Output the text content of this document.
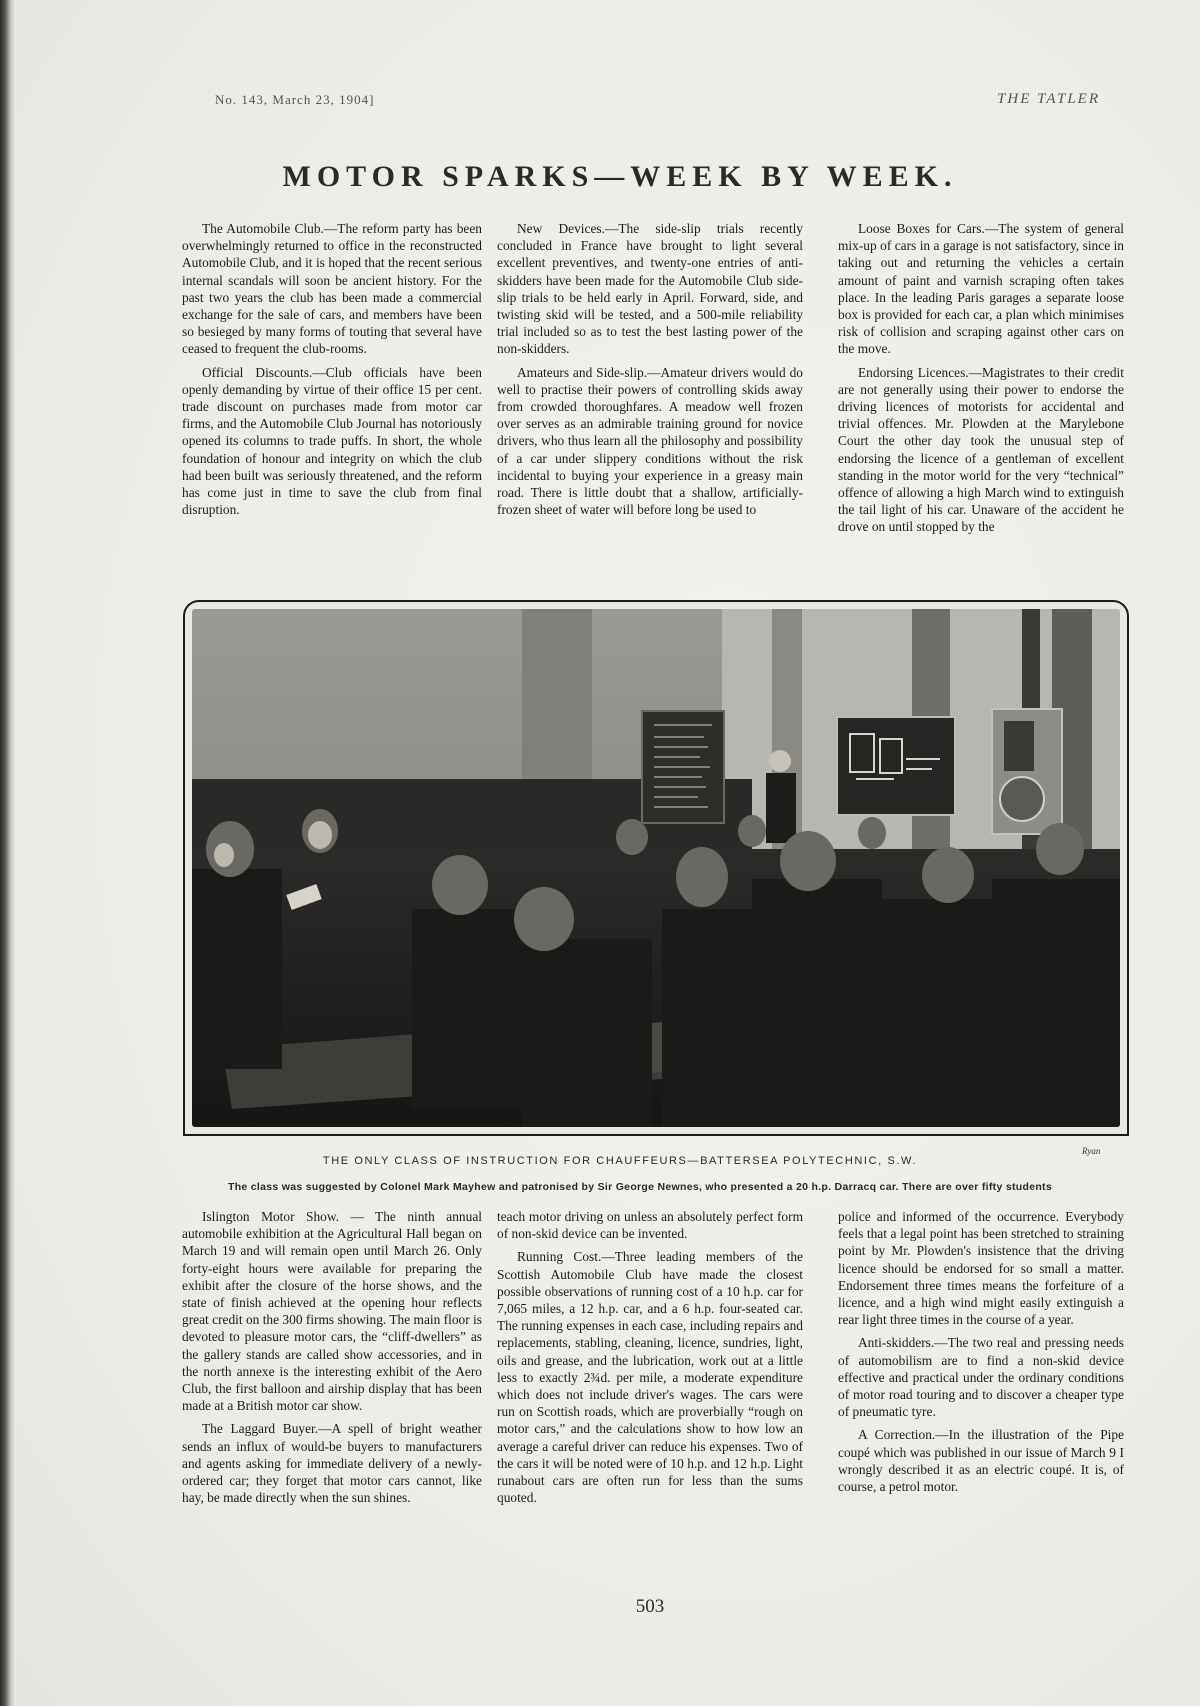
No. 143, March 23, 1904]	THE TATLER
MOTOR SPARKS—WEEK BY WEEK.

The Automobile Club.—The reform party has been overwhelmingly returned to office in the reconstructed Automobile Club, and it is hoped that the recent serious internal scandals will soon be ancient history. For the past two years the club has been made a commercial exchange for the sale of cars, and members have been so besieged by many forms of touting that several have ceased to frequent the club-rooms.

Official Discounts.—Club officials have been openly demanding by virtue of their office 15 per cent. trade discount on purchases made from motor car firms, and the Automobile Club Journal has notoriously opened its columns to trade puffs. In short, the whole foundation of honour and integrity on which the club had been built was seriously threatened, and the reform has come just in time to save the club from final disruption.

New Devices.—The side-slip trials recently concluded in France have brought to light several excellent preventives, and twenty-one entries of anti-skidders have been made for the Automobile Club side-slip trials to be held early in April. Forward, side, and twisting skid will be tested, and a 500-mile reliability trial included so as to test the best lasting power of the non-skidders.

Amateurs and Side-slip.—Amateur drivers would do well to practise their powers of controlling skids away from crowded thoroughfares. A meadow well frozen over serves as an admirable training ground for novice drivers, who thus learn all the philosophy and possibility of a car under slippery conditions without the risk incidental to buying your experience in a greasy main road. There is little doubt that a shallow, artificially-frozen sheet of water will before long be used to

Loose Boxes for Cars.—The system of general mix-up of cars in a garage is not satisfactory, since in taking out and returning the vehicles a certain amount of paint and varnish scraping often takes place. In the leading Paris garages a separate loose box is provided for each car, a plan which minimises risk of collision and scraping against other cars on the move.

Endorsing Licences.—Magistrates to their credit are not generally using their power to endorse the driving licences of motorists for accidental and trivial offences. Mr. Plowden at the Marylebone Court the other day took the unusual step of endorsing the licence of a gentleman of excellent standing in the motor world for the very “technical” offence of allowing a high March wind to extinguish the tail light of his car. Unaware of the accident he drove on until stopped by the

Ryan
THE ONLY CLASS OF INSTRUCTION FOR CHAUFFEURS—BATTERSEA POLYTECHNIC, S.W.
The class was suggested by Colonel Mark Mayhew and patronised by Sir George Newnes, who presented a 20 h.p. Darracq car. There are over fifty students

Islington Motor Show. — The ninth annual automobile exhibition at the Agricultural Hall began on March 19 and will remain open until March 26. Only forty-eight hours were available for preparing the exhibit after the closure of the horse shows, and the state of finish achieved at the opening hour reflects great credit on the 300 firms showing. The main floor is devoted to pleasure motor cars, the “cliff-dwellers” as the gallery stands are called show accessories, and in the north annexe is the interesting exhibit of the Aero Club, the first balloon and airship display that has been made at a British motor car show.

The Laggard Buyer.—A spell of bright weather sends an influx of would-be buyers to manufacturers and agents asking for immediate delivery of a newly-ordered car; they forget that motor cars cannot, like hay, be made directly when the sun shines.

teach motor driving on unless an absolutely perfect form of non-skid device can be invented.

Running Cost.—Three leading members of the Scottish Automobile Club have made the closest possible observations of running cost of a 10 h.p. car for 7,065 miles, a 12 h.p. car, and a 6 h.p. four-seated car. The running expenses in each case, including repairs and replacements, stabling, cleaning, licence, sundries, light, oils and grease, and the lubrication, work out at a little less to exactly 2¾d. per mile, a moderate expenditure which does not include driver's wages. The cars were run on Scottish roads, which are proverbially “rough on motor cars,” and the calculations show to how low an average a careful driver can reduce his expenses. Two of the cars it will be noted were of 10 h.p. and 12 h.p. Light runabout cars are often run for less than the sums quoted.

police and informed of the occurrence. Everybody feels that a legal point has been stretched to straining point by Mr. Plowden's insistence that the driving licence should be endorsed for so small a matter. Endorsement three times means the forfeiture of a licence, and a high wind might easily extinguish a rear light three times in the course of a year.

Anti-skidders.—The two real and pressing needs of automobilism are to find a non-skid device effective and practical under the ordinary conditions of motor road touring and to discover a cheaper type of pneumatic tyre.

A Correction.—In the illustration of the Pipe coupé which was published in our issue of March 9 I wrongly described it as an electric coupé. It is, of course, a petrol motor.

503
